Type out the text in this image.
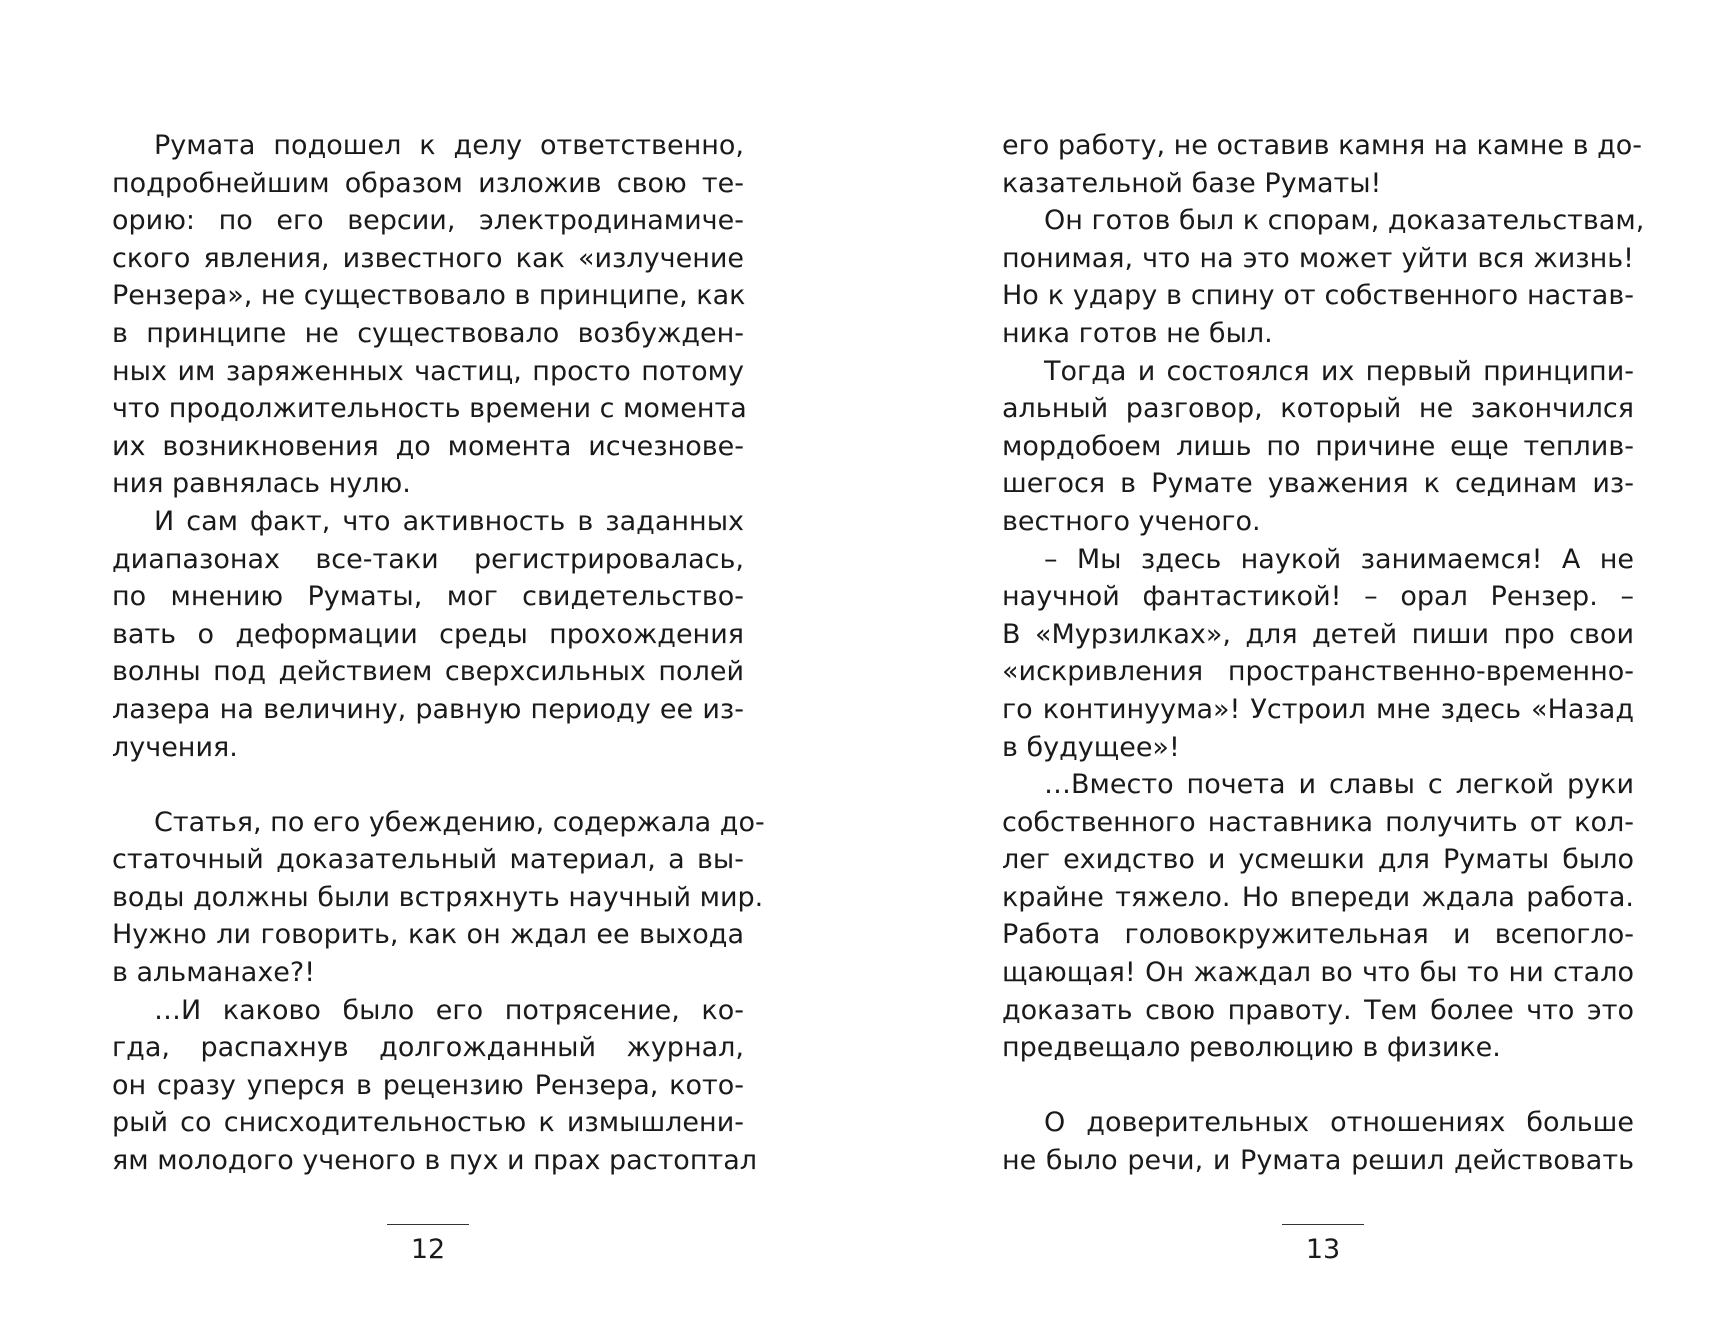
Румата подошел к делу ответственно,
подробнейшим образом изложив свою те-
орию: по его версии, электродинамиче-
ского явления, известного как «излучение
Рензера», не существовало в принципе, как
в принципе не существовало возбужден-
ных им заряженных частиц, просто потому
что продолжительность времени с момента
их возникновения до момента исчезнове-
ния равнялась нулю.
И сам факт, что активность в заданных
диапазонах все-таки регистрировалась,
по мнению Руматы, мог свидетельство-
вать о деформации среды прохождения
волны под действием сверхсильных полей
лазера на величину, равную периоду ее из-
лучения.
Статья, по его убеждению, содержала до-
статочный доказательный материал, а вы-
воды должны были встряхнуть научный мир.
Нужно ли говорить, как он ждал ее выхода
в альманахе?!
…И каково было его потрясение, ко-
гда, распахнув долгожданный журнал,
он сразу уперся в рецензию Рензера, кото-
рый со снисходительностью к измышлени-
ям молодого ученого в пух и прах растоптал
12
его работу, не оставив камня на камне в до-
казательной базе Руматы!
Он готов был к спорам, доказательствам,
понимая, что на это может уйти вся жизнь!
Но к удару в спину от собственного настав-
ника готов не был.
Тогда и состоялся их первый принципи-
альный разговор, который не закончился
мордобоем лишь по причине еще теплив-
шегося в Румате уважения к сединам из-
вестного ученого.
– Мы здесь наукой занимаемся! А не
научной фантастикой! – орал Рензер. –
В «Мурзилках», для детей пиши про свои
«искривления пространственно-временно-
го континуума»! Устроил мне здесь «Назад
в будущее»!
…Вместо почета и славы с легкой руки
собственного наставника получить от кол-
лег ехидство и усмешки для Руматы было
крайне тяжело. Но впереди ждала работа.
Работа головокружительная и всепогло-
щающая! Он жаждал во что бы то ни стало
доказать свою правоту. Тем более что это
предвещало революцию в физике.
О доверительных отношениях больше
не было речи, и Румата решил действовать
13
